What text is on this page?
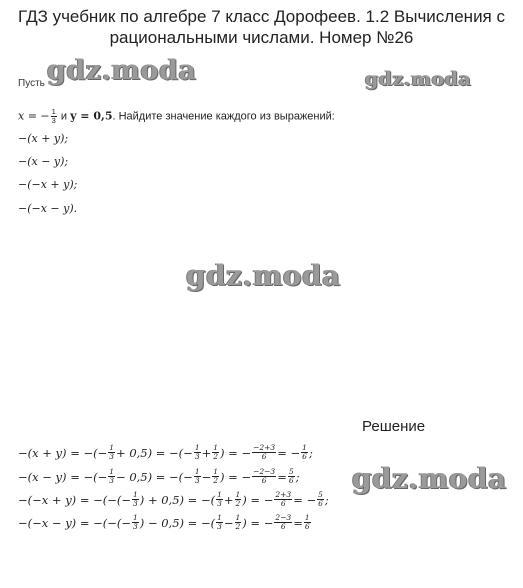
ГДЗ учебник по алгебре 7 класс Дорофеев. 1.2 Вычисления с
рациональными числами. Номер №26
Пусть gdz.moda	gdz.moda
gdz.moda
gdz.moda
x = − $\frac{1}{3}$ и y = 0,5. Найдите значение каждого из выражений:
−(x + y);
−(x − y);
−(−x + y);
−(−x − y).
Решение
−(x + y) = −(− $\frac{1}{3} + 0,5$) = −(− $\frac{1}{3} + \frac{1}{2}$ ) = − $\frac{-2+3}{6}$ = − $\frac{1}{6}$ ;
−(x − y) = −(− $\frac{1}{3} - 0,5$) = −(− $\frac{1}{3} - \frac{1}{2}$ ) = − $\frac{-2-3}{6} = \frac{5}{6}$ ;
−(−x + y) = −(−(− $\frac{1}{3}$ ) + 0,5) = −( $\frac{1}{3} + \frac{1}{2}$ ) = − $\frac{2+3}{6}$ = − $\frac{5}{6}$ ;
−(−x − y) = −(−(− $\frac{1}{3}$ ) − 0,5) = −( $\frac{1}{3} - \frac{1}{2}$ ) = − $\frac{2-3}{6} = \frac{1}{6}$
